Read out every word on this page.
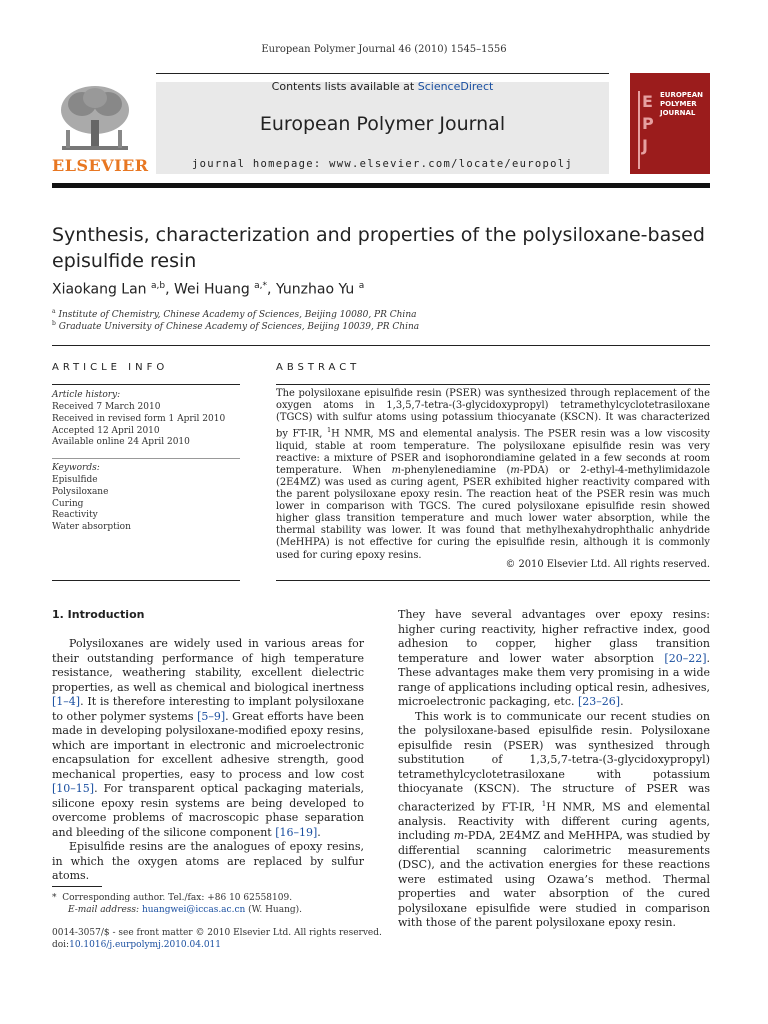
European Polymer Journal 46 (2010) 1545–1556
ELSEVIER
Contents lists available at ScienceDirect
European Polymer Journal
journal homepage: www.elsevier.com/locate/europolj
E
P
J
EUROPEAN POLYMER JOURNAL
Synthesis, characterization and properties of the polysiloxane-based episulfide resin
Xiaokang Lan $^{a,b}$, Wei Huang $^{a,*}$, Yunzhao Yu $^a$
$^a$ Institute of Chemistry, Chinese Academy of Sciences, Beijing 10080, PR China
$^b$ Graduate University of Chinese Academy of Sciences, Beijing 10039, PR China
ARTICLE INFO
Article history:
Received 7 March 2010
Received in revised form 1 April 2010
Accepted 12 April 2010
Available online 24 April 2010
Keywords:
Episulfide
Polysiloxane
Curing
Reactivity
Water absorption
ABSTRACT
The polysiloxane episulfide resin (PSER) was synthesized through replacement of the oxygen atoms in 1,3,5,7-tetra-(3-glycidoxypropyl) tetramethylcyclotetrasiloxane (TGCS) with sulfur atoms using potassium thiocyanate (KSCN). It was characterized by FT-IR, $^1$H NMR, MS and elemental analysis. The PSER resin was a low viscosity liquid, stable at room temperature. The polysiloxane episulfide resin was very reactive: a mixture of PSER and isophorondiamine gelated in a few seconds at room temperature. When m-phenylenediamine (m-PDA) or 2-ethyl-4-methylimidazole (2E4MZ) was used as curing agent, PSER exhibited higher reactivity compared with the parent polysiloxane epoxy resin. The reaction heat of the PSER resin was much lower in comparison with TGCS. The cured polysiloxane episulfide resin showed higher glass transition temperature and much lower water absorption, while the thermal stability was lower. It was found that methylhexahydrophthalic anhydride (MeHHPA) is not effective for curing the episulfide resin, although it is commonly used for curing epoxy resins.
© 2010 Elsevier Ltd. All rights reserved.
1. Introduction

Polysiloxanes are widely used in various areas for their outstanding performance of high temperature resistance, weathering stability, excellent dielectric properties, as well as chemical and biological inertness [1–4]. It is therefore interesting to implant polysiloxane to other polymer systems [5–9]. Great efforts have been made in developing polysiloxane-modified epoxy resins, which are important in electronic and microelectronic encapsulation for excellent adhesive strength, good mechanical properties, easy to process and low cost [10–15]. For transparent optical packaging materials, silicone epoxy resin systems are being developed to overcome problems of macroscopic phase separation and bleeding of the silicone component [16–19].

Episulfide resins are the analogues of epoxy resins, in which the oxygen atoms are replaced by sulfur atoms.

They have several advantages over epoxy resins: higher curing reactivity, higher refractive index, good adhesion to copper, higher glass transition temperature and lower water absorption [20–22]. These advantages make them very promising in a wide range of applications including optical resin, adhesives, microelectronic packaging, etc. [23–26].

This work is to communicate our recent studies on the polysiloxane-based episulfide resin. Polysiloxane episulfide resin (PSER) was synthesized through substitution of 1,3,5,7-tetra-(3-glycidoxypropyl) tetramethylcyclotetrasiloxane with potassium thiocyanate (KSCN). The structure of PSER was characterized by FT-IR, $^1$H NMR, MS and elemental analysis. Reactivity with different curing agents, including m-PDA, 2E4MZ and MeHHPA, was studied by differential scanning calorimetric measurements (DSC), and the activation energies for these reactions were estimated using Ozawa’s method. Thermal properties and water absorption of the cured polysiloxane episulfide were studied in comparison with those of the parent polysiloxane epoxy resin.

* Corresponding author. Tel./fax: +86 10 62558109.
E-mail address: huangwei@iccas.ac.cn (W. Huang).
0014-3057/$ - see front matter © 2010 Elsevier Ltd. All rights reserved.
doi:10.1016/j.eurpolymj.2010.04.011
